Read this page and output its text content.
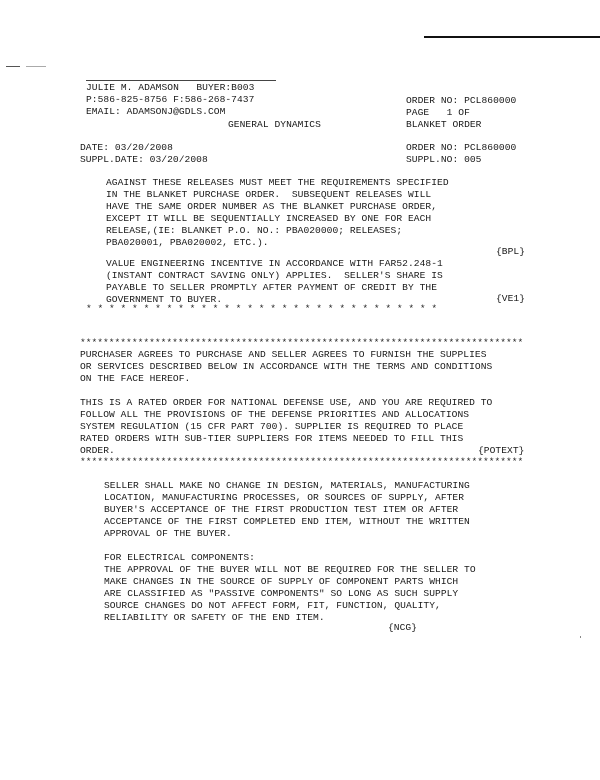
JULIE M. ADAMSON   BUYER:B003
P:586-825-8756 F:586-268-7437
EMAIL: ADAMSONJ@GDLS.COM
GENERAL DYNAMICS
ORDER NO: PCL860000
PAGE   1 OF
BLANKET ORDER
DATE: 03/20/2008
SUPPL.DATE: 03/20/2008
ORDER NO: PCL860000
SUPPL.NO: 005
AGAINST THESE RELEASES MUST MEET THE REQUIREMENTS SPECIFIED
IN THE BLANKET PURCHASE ORDER.  SUBSEQUENT RELEASES WILL
HAVE THE SAME ORDER NUMBER AS THE BLANKET PURCHASE ORDER,
EXCEPT IT WILL BE SEQUENTIALLY INCREASED BY ONE FOR EACH
RELEASE,(IE: BLANKET P.O. NO.: PBA020000; RELEASES;
PBA020001, PBA020002, ETC.).
{BPL}
VALUE ENGINEERING INCENTIVE IN ACCORDANCE WITH FAR52.248-1
(INSTANT CONTRACT SAVING ONLY) APPLIES.  SELLER'S SHARE IS
PAYABLE TO SELLER PROMPTLY AFTER PAYMENT OF CREDIT BY THE
GOVERNMENT TO BUYER.	{VE1}
* * * * * * * * * * * * * * * * * * * * * * * * * * * * * * *
*****************************************************************************
PURCHASER AGREES TO PURCHASE AND SELLER AGREES TO FURNISH THE SUPPLIES
OR SERVICES DESCRIBED BELOW IN ACCORDANCE WITH THE TERMS AND CONDITIONS
ON THE FACE HEREOF.
THIS IS A RATED ORDER FOR NATIONAL DEFENSE USE, AND YOU ARE REQUIRED TO
FOLLOW ALL THE PROVISIONS OF THE DEFENSE PRIORITIES AND ALLOCATIONS
SYSTEM REGULATION (15 CFR PART 700). SUPPLIER IS REQUIRED TO PLACE
RATED ORDERS WITH SUB-TIER SUPPLIERS FOR ITEMS NEEDED TO FILL THIS
ORDER.	{POTEXT}
*****************************************************************************
SELLER SHALL MAKE NO CHANGE IN DESIGN, MATERIALS, MANUFACTURING
LOCATION, MANUFACTURING PROCESSES, OR SOURCES OF SUPPLY, AFTER
BUYER'S ACCEPTANCE OF THE FIRST PRODUCTION TEST ITEM OR AFTER
ACCEPTANCE OF THE FIRST COMPLETED END ITEM, WITHOUT THE WRITTEN
APPROVAL OF THE BUYER.
FOR ELECTRICAL COMPONENTS:
THE APPROVAL OF THE BUYER WILL NOT BE REQUIRED FOR THE SELLER TO
MAKE CHANGES IN THE SOURCE OF SUPPLY OF COMPONENT PARTS WHICH
ARE CLASSIFIED AS "PASSIVE COMPONENTS" SO LONG AS SUCH SUPPLY
SOURCE CHANGES DO NOT AFFECT FORM, FIT, FUNCTION, QUALITY,
RELIABILITY OR SAFETY OF THE END ITEM.
{NCG}
